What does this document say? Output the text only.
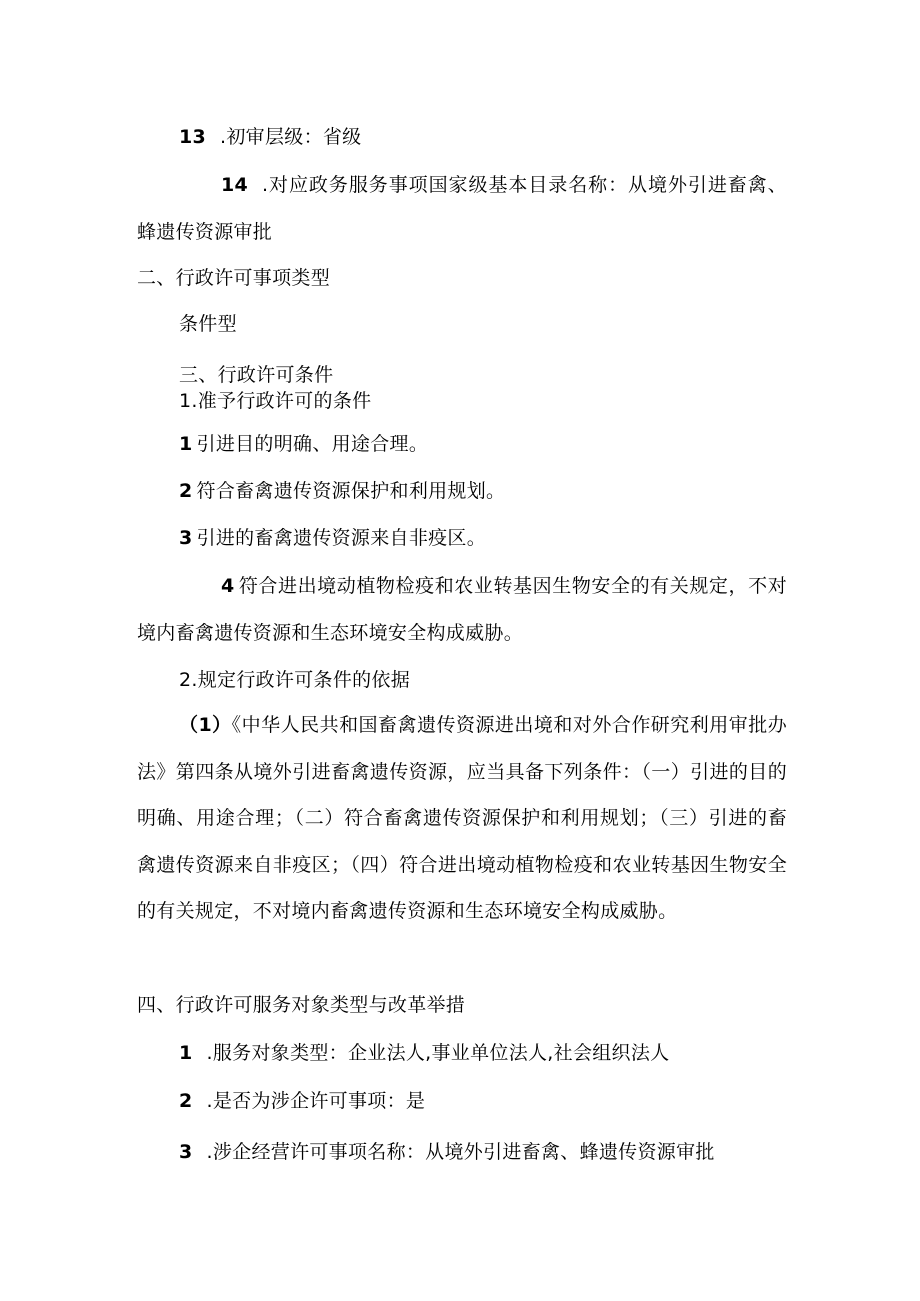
13 .初审层级：省级
14 .对应政务服务事项国家级基本目录名称：从境外引进畜禽、蜂遗传资源审批
二、行政许可事项类型
条件型
三、行政许可条件
1.准予行政许可的条件
1 引进目的明确、用途合理。
2 符合畜禽遗传资源保护和利用规划。
3 引进的畜禽遗传资源来自非疫区。
4 符合进出境动植物检疫和农业转基因生物安全的有关规定，不对境内畜禽遗传资源和生态环境安全构成威胁。
2.规定行政许可条件的依据
（1）《中华人民共和国畜禽遗传资源进出境和对外合作研究利用审批办法》第四条从境外引进畜禽遗传资源，应当具备下列条件：（一）引进的目的明确、用途合理；（二）符合畜禽遗传资源保护和利用规划；（三）引进的畜禽遗传资源来自非疫区；（四）符合进出境动植物检疫和农业转基因生物安全的有关规定，不对境内畜禽遗传资源和生态环境安全构成威胁。
四、行政许可服务对象类型与改革举措
1 .服务对象类型：企业法人,事业单位法人,社会组织法人
2 .是否为涉企许可事项：是
3 .涉企经营许可事项名称：从境外引进畜禽、蜂遗传资源审批
